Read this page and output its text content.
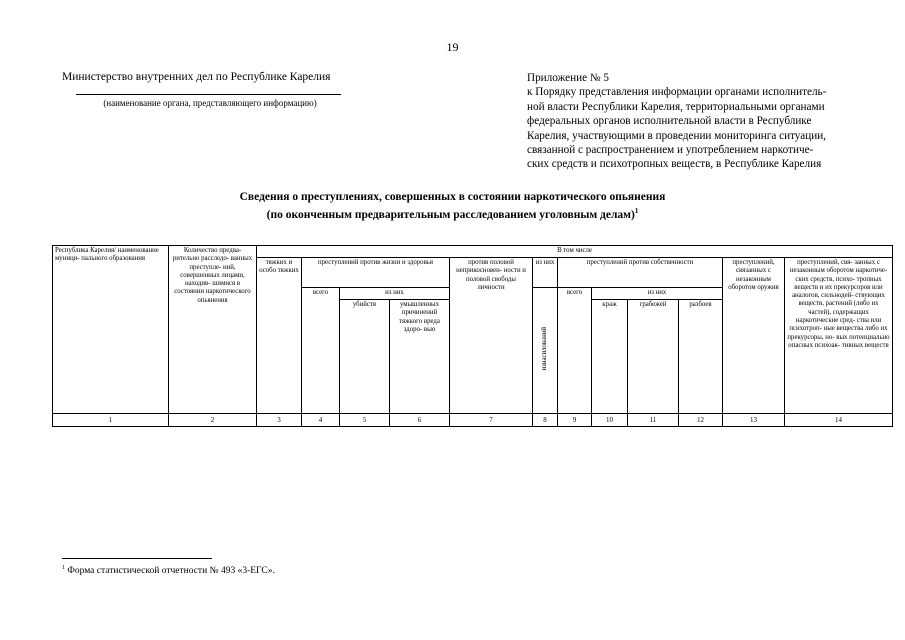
19
Министерство внутренних дел по Республике Карелия
(наименование органа, представляющего информацию)
Приложение № 5
к Порядку представления информации органами исполнитель-
ной власти Республики Карелия, территориальными органами
федеральных органов исполнительной власти в Республике
Карелия, участвующими в проведении мониторинга ситуации,
связанной с распространением и употреблением наркотиче-
ских средств и психотропных веществ, в Республике Карелия
Сведения о преступлениях, совершенных в состоянии наркотического опьянения
(по оконченным предварительным расследованием уголовным делам)$^1$
Республика Карелия/ наименование муници- пального образования	Количество предва- рительно расследо- ванных преступле- ний, совершенных лицами, находив- шимися в состоянии наркотического опьянения	В том числе											
		тяжких и особо тяжких	преступлений против жизни и здоровья			против половой неприкосновен- ности и половой свободы личности	из них	преступлений против собственности				преступлений, связанных с незаконным оборотом оружия	преступлений, свя- занных с незаконным оборотом наркотиче- ских средств, психо- тропных веществ и их прекурсоров или аналогов, сильнодей- ствующих веществ, растений (либо их частей), содержащих наркотические сред- ства или психотроп- ные вещества либо их прекурсоры, но- вых потенциально опасных психоак- тивных веществ
			всего	из них			изнасилований	всего	из них				
				убийств	умышленных причинений тяжкого вреда здоро- вью				краж	грабежей	разбоев		
1	2	3	4	5	6	7	8	9	10	11	12	13	14
$^1$ Форма статистической отчетности № 493 «3-ЕГС».
